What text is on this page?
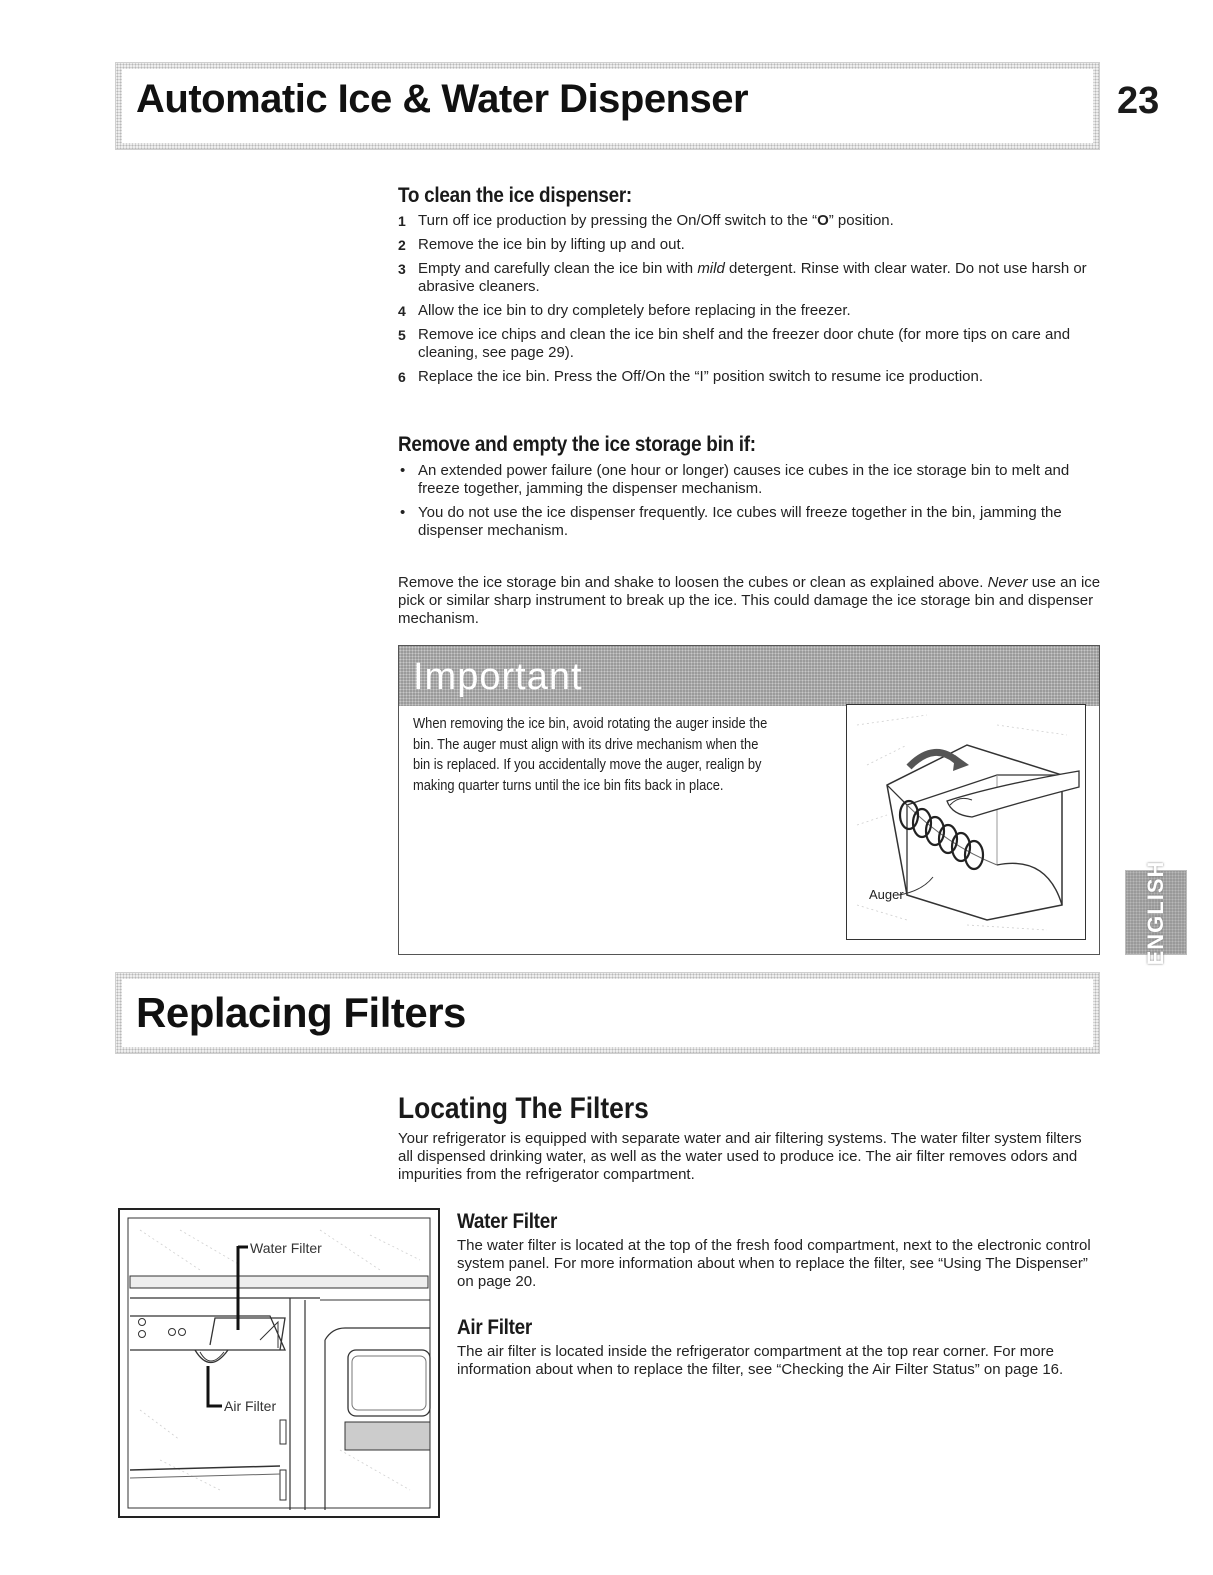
Automatic Ice & Water Dispenser	23
To clean the ice dispenser:
1 Turn off ice production by pressing the On/Off switch to the “O” position.
2 Remove the ice bin by lifting up and out.
3 Empty and carefully clean the ice bin with mild detergent. Rinse with clear water. Do not use harsh or abrasive cleaners.
4 Allow the ice bin to dry completely before replacing in the freezer.
5 Remove ice chips and clean the ice bin shelf and the freezer door chute (for more tips on care and cleaning, see page 29).
6 Replace the ice bin. Press the Off/On the “I” position switch to resume ice production.
Remove and empty the ice storage bin if:
• An extended power failure (one hour or longer) causes ice cubes in the ice storage bin to melt and freeze together, jamming the dispenser mechanism.
• You do not use the ice dispenser frequently. Ice cubes will freeze together in the bin, jamming the dispenser mechanism.
Remove the ice storage bin and shake to loosen the cubes or clean as explained above. Never use an ice pick or similar sharp instrument to break up the ice. This could damage the ice storage bin and dispenser mechanism.
Important
When removing the ice bin, avoid rotating the auger inside the bin. The auger must align with its drive mechanism when the bin is replaced. If you accidentally move the auger, realign by making quarter turns until the ice bin fits back in place.
Auger	ENGLISH
Replacing Filters
Locating The Filters
Your refrigerator is equipped with separate water and air filtering systems. The water filter system filters all dispensed drinking water, as well as the water used to produce ice. The air filter removes odors and impurities from the refrigerator compartment.
Water Filter
The water filter is located at the top of the fresh food compartment, next to the electronic control system panel. For more information about when to replace the filter, see “Using The Dispenser” on page 20.
Air Filter
The air filter is located inside the refrigerator compartment at the top rear corner. For more information about when to replace the filter, see “Checking the Air Filter Status” on page 16.
Water Filter
Air Filter
